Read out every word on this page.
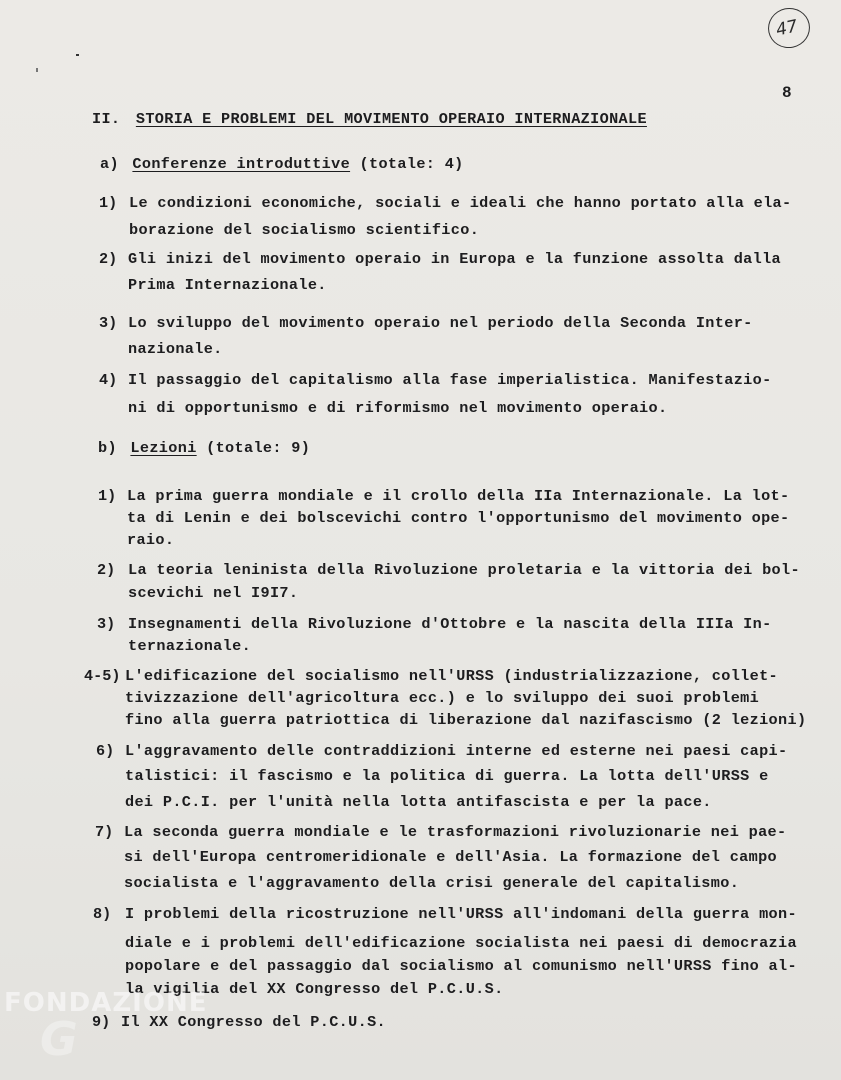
47
8
II. STORIA E PROBLEMI DEL MOVIMENTO OPERAIO INTERNAZIONALE
a) Conferenze introduttive (totale: 4)
1) Le condizioni economiche, sociali e ideali che hanno portato alla ela-
borazione del socialismo scientifico.
2) Gli inizi del movimento operaio in Europa e la funzione assolta dalla
Prima Internazionale.
3) Lo sviluppo del movimento operaio nel periodo della Seconda Inter-
nazionale.
4) Il passaggio del capitalismo alla fase imperialistica. Manifestazio-
ni di opportunismo e di riformismo nel movimento operaio.
b) Lezioni (totale: 9)
1) La prima guerra mondiale e il crollo della IIa Internazionale. La lot-
ta di Lenin e dei bolscevichi contro l'opportunismo del movimento ope-
raio.
2) La teoria leninista della Rivoluzione proletaria e la vittoria dei bol-
scevichi nel I9I7.
3) Insegnamenti della Rivoluzione d'Ottobre e la nascita della IIIa In-
ternazionale.
4-5) L'edificazione del socialismo nell'URSS (industrializzazione, collet-
tivizzazione dell'agricoltura ecc.) e lo sviluppo dei suoi problemi
fino alla guerra patriottica di liberazione dal nazifascismo (2 lezioni)
6) L'aggravamento delle contraddizioni interne ed esterne nei paesi capi-
talistici: il fascismo e la politica di guerra. La lotta dell'URSS e
dei P.C.I. per l'unità nella lotta antifascista e per la pace.
7) La seconda guerra mondiale e le trasformazioni rivoluzionarie nei pae-
si dell'Europa centromeridionale e dell'Asia. La formazione del campo
socialista e l'aggravamento della crisi generale del capitalismo.
8) I problemi della ricostruzione nell'URSS all'indomani della guerra mon-
diale e i problemi dell'edificazione socialista nei paesi di democrazia
popolare e del passaggio dal socialismo al comunismo nell'URSS fino al-
la vigilia del XX Congresso del P.C.U.S.
9) Il XX Congresso del P.C.U.S.
FONDAZIONE
G
